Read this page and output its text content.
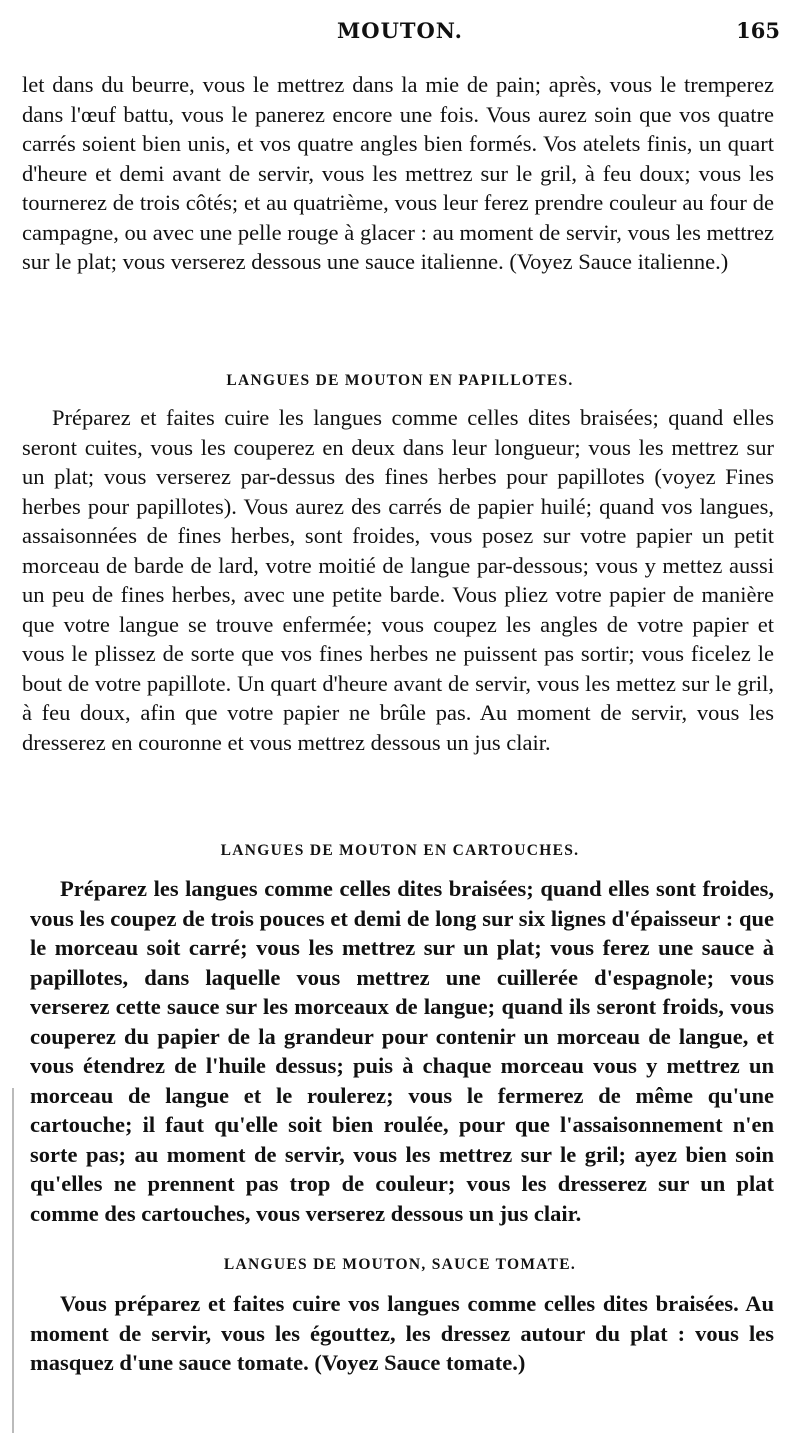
MOUTON.	165

let dans du beurre, vous le mettrez dans la mie de pain; après, vous le tremperez dans l'œuf battu, vous le panerez encore une fois. Vous aurez soin que vos quatre carrés soient bien unis, et vos quatre angles bien formés. Vos atelets finis, un quart d'heure et demi avant de servir, vous les mettrez sur le gril, à feu doux; vous les tournerez de trois côtés; et au quatrième, vous leur ferez prendre couleur au four de campagne, ou avec une pelle rouge à glacer : au moment de servir, vous les mettrez sur le plat; vous verserez dessous une sauce italienne. (Voyez Sauce italienne.)

LANGUES DE MOUTON EN PAPILLOTES.

Préparez et faites cuire les langues comme celles dites braisées; quand elles seront cuites, vous les couperez en deux dans leur longueur; vous les mettrez sur un plat; vous verserez par-dessus des fines herbes pour papillotes (voyez Fines herbes pour papillotes). Vous aurez des carrés de papier huilé; quand vos langues, assaisonnées de fines herbes, sont froides, vous posez sur votre papier un petit morceau de barde de lard, votre moitié de langue par-dessous; vous y mettez aussi un peu de fines herbes, avec une petite barde. Vous pliez votre papier de manière que votre langue se trouve enfermée; vous coupez les angles de votre papier et vous le plissez de sorte que vos fines herbes ne puissent pas sortir; vous ficelez le bout de votre papillote. Un quart d'heure avant de servir, vous les mettez sur le gril, à feu doux, afin que votre papier ne brûle pas. Au moment de servir, vous les dresserez en couronne et vous mettrez dessous un jus clair.

LANGUES DE MOUTON EN CARTOUCHES.

Préparez les langues comme celles dites braisées; quand elles sont froides, vous les coupez de trois pouces et demi de long sur six lignes d'épaisseur : que le morceau soit carré; vous les mettrez sur un plat; vous ferez une sauce à papillotes, dans laquelle vous mettrez une cuillerée d'espagnole; vous verserez cette sauce sur les morceaux de langue; quand ils seront froids, vous couperez du papier de la grandeur pour contenir un morceau de langue, et vous étendrez de l'huile dessus; puis à chaque morceau vous y mettrez un morceau de langue et le roulerez; vous le fermerez de même qu'une cartouche; il faut qu'elle soit bien roulée, pour que l'assaisonnement n'en sorte pas; au moment de servir, vous les mettrez sur le gril; ayez bien soin qu'elles ne prennent pas trop de couleur; vous les dresserez sur un plat comme des cartouches, vous verserez dessous un jus clair.

LANGUES DE MOUTON, SAUCE TOMATE.

Vous préparez et faites cuire vos langues comme celles dites braisées. Au moment de servir, vous les égouttez, les dressez autour du plat : vous les masquez d'une sauce tomate. (Voyez Sauce tomate.)
